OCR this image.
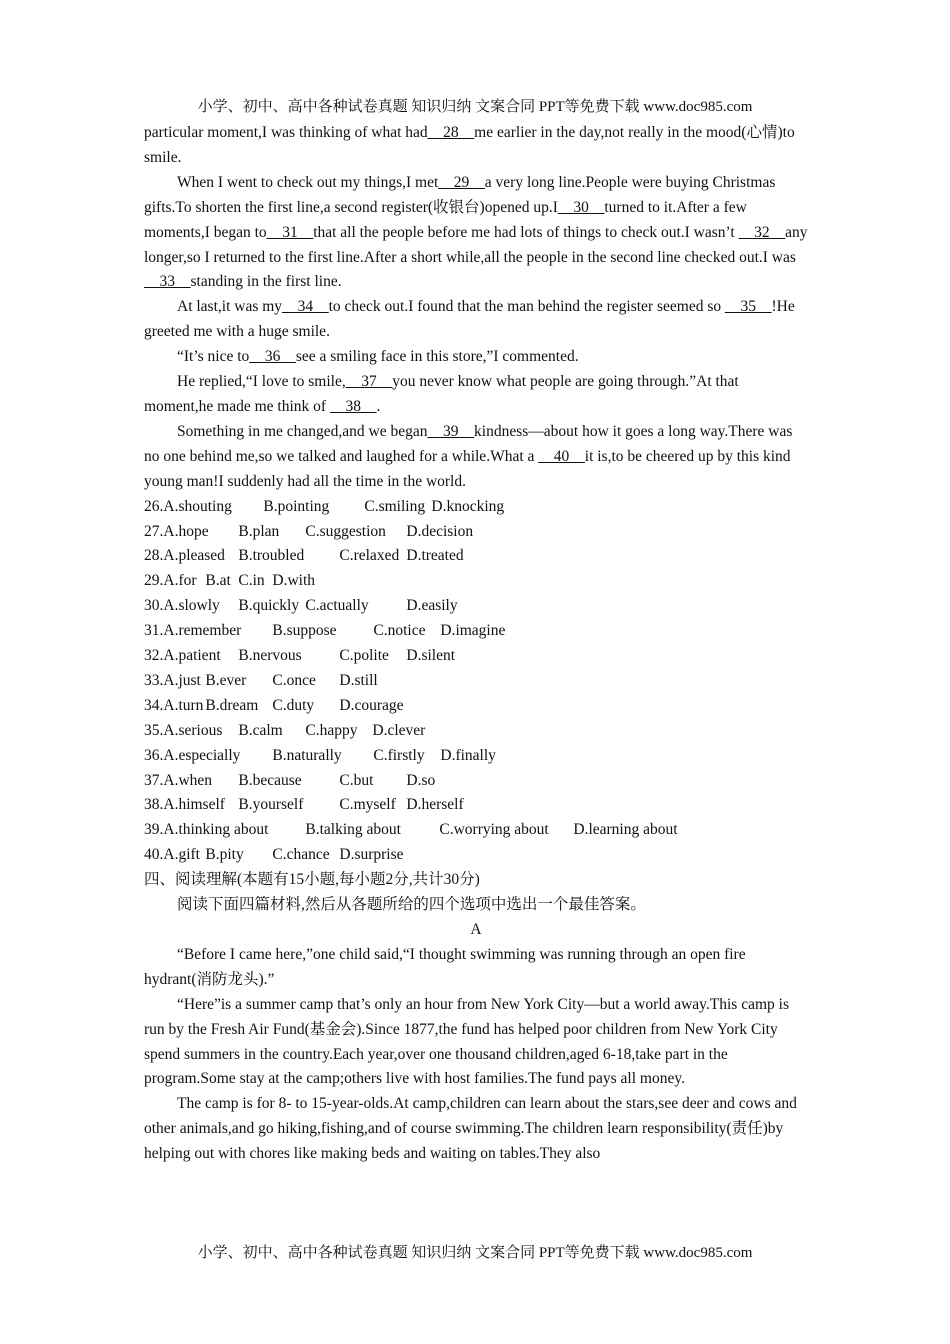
小学、初中、高中各种试卷真题 知识归纳 文案合同 PPT等免费下载 www.doc985.com

particular moment,I was thinking of what had__28__me earlier in the day,not really in the mood(心情)to smile.

When I went to check out my things,I met__29__a very long line.People were buying Christmas gifts.To shorten the first line,a second register(收银台)opened up.I__30__turned to it.After a few moments,I began to__31__that all the people before me had lots of things to check out.I wasn’t __32__any longer,so I returned to the first line.After a short while,all the people in the second line checked out.I was __33__standing in the first line.

At last,it was my__34__to check out.I found that the man behind the register seemed so __35__!He greeted me with a huge smile.

“It’s nice to__36__see a smiling face in this store,”I commented.

He replied,“I love to smile,__37__you never know what people are going through.”At that moment,he made me think of __38__.

Something in me changed,and we began__39__kindness—about how it goes a long way.There was no one behind me,so we talked and laughed for a while.What a __40__it is,to be cheered up by this kind young man!I suddenly had all the time in the world.

26. A.shouting	B.pointing	C.smiling D.knocking
27. A.hope	B.plan	C.suggestion	D.decision
28. A.pleased B.troubled	C.relaxed D.treated
29. A.for B.at C.in D.with
30. A.slowly	B.quickly C.actually	D.easily
31. A.remember	B.suppose	C.notice D.imagine
32. A.patient	B.nervous	C.polite	D.silent
33. A.just B.ever	C.once	D.still
34. A.turn B.dream C.duty	D.courage
35. A.serious	B.calm	C.happy D.clever
36. A.especially	B.naturally	C.firstly	D.finally
37. A.when	B.because	C.but	D.so
38. A.himself B.yourself	C.myself D.herself
39. A.thinking about	B.talking about	C.worrying about	D.learning about
40. A.gift B.pity	C.chance D.surprise

四、阅读理解(本题有15小题,每小题2分,共计30分)

阅读下面四篇材料,然后从各题所给的四个选项中选出一个最佳答案。

A

“Before I came here,”one child said,“I thought swimming was running through an open fire hydrant(消防龙头).”

“Here”is a summer camp that’s only an hour from New York City—but a world away.This camp is run by the Fresh Air Fund(基金会).Since 1877,the fund has helped poor children from New York City spend summers in the country.Each year,over one thousand children,aged 6-18,take part in the program.Some stay at the camp;others live with host families.The fund pays all money.

The camp is for 8- to 15-year-olds.At camp,children can learn about the stars,see deer and cows and other animals,and go hiking,fishing,and of course swimming.The children learn responsibility(责任)by helping out with chores like making beds and waiting on tables.They also

小学、初中、高中各种试卷真题 知识归纳 文案合同 PPT等免费下载 www.doc985.com
